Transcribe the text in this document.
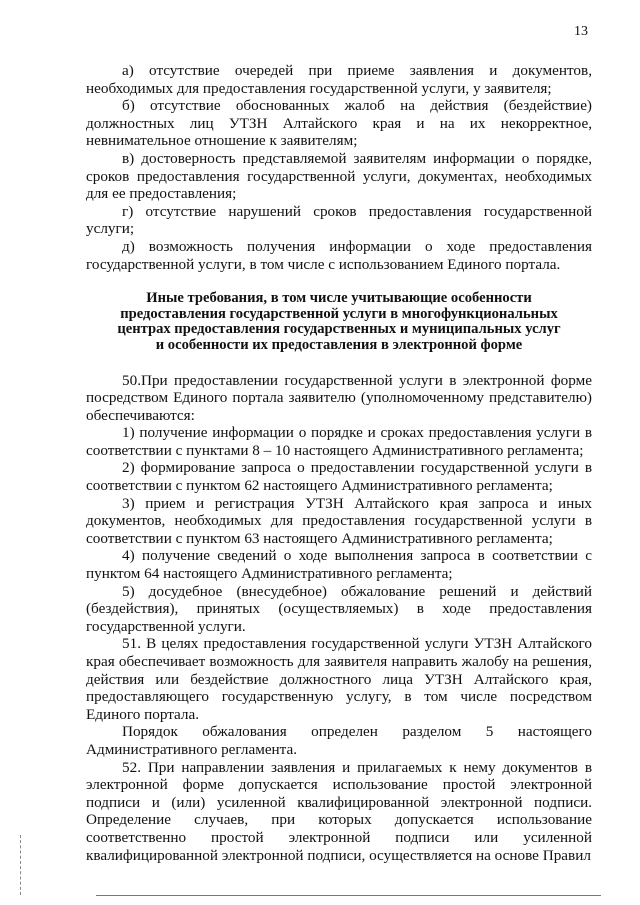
13

а) отсутствие очередей при приеме заявления и документов, необходимых для предоставления государственной услуги, у заявителя;

б) отсутствие обоснованных жалоб на действия (бездействие) должностных лиц УТЗН Алтайского края и на их некорректное, невнимательное отношение к заявителям;

в) достоверность представляемой заявителям информации о порядке, сроков предоставления государственной услуги, документах, необходимых для ее предоставления;

г) отсутствие нарушений сроков предоставления государственной услуги;

д) возможность получения информации о ходе предоставления государственной услуги, в том числе с использованием Единого портала.

Иные требования, в том числе учитывающие особенности
предоставления государственной услуги в многофункциональных
центрах предоставления государственных и муниципальных услуг
и особенности их предоставления в электронной форме

50.При предоставлении государственной услуги в электронной форме посредством Единого портала заявителю (уполномоченному представителю) обеспечиваются:

1) получение информации о порядке и сроках предоставления услуги в соответствии с пунктами 8 – 10 настоящего Административного регламента;

2) формирование запроса о предоставлении государственной услуги в соответствии с пунктом 62 настоящего Административного регламента;

3) прием и регистрация УТЗН Алтайского края запроса и иных документов, необходимых для предоставления государственной услуги в соответствии с пунктом 63 настоящего Административного регламента;

4) получение сведений о ходе выполнения запроса в соответствии с пунктом 64 настоящего Административного регламента;

5) досудебное (внесудебное) обжалование решений и действий (бездействия), принятых (осуществляемых) в ходе предоставления государственной услуги.

51. В целях предоставления государственной услуги УТЗН Алтайского края обеспечивает возможность для заявителя направить жалобу на решения, действия или бездействие должностного лица УТЗН Алтайского края, предоставляющего государственную услугу, в том числе посредством Единого портала.

Порядок обжалования определен разделом 5 настоящего Административного регламента.

52. При направлении заявления и прилагаемых к нему документов в электронной форме допускается использование простой электронной подписи и (или) усиленной квалифицированной электронной подписи. Определение случаев, при которых допускается использование соответственно простой электронной подписи или усиленной квалифицированной электронной подписи, осуществляется на основе Правил
